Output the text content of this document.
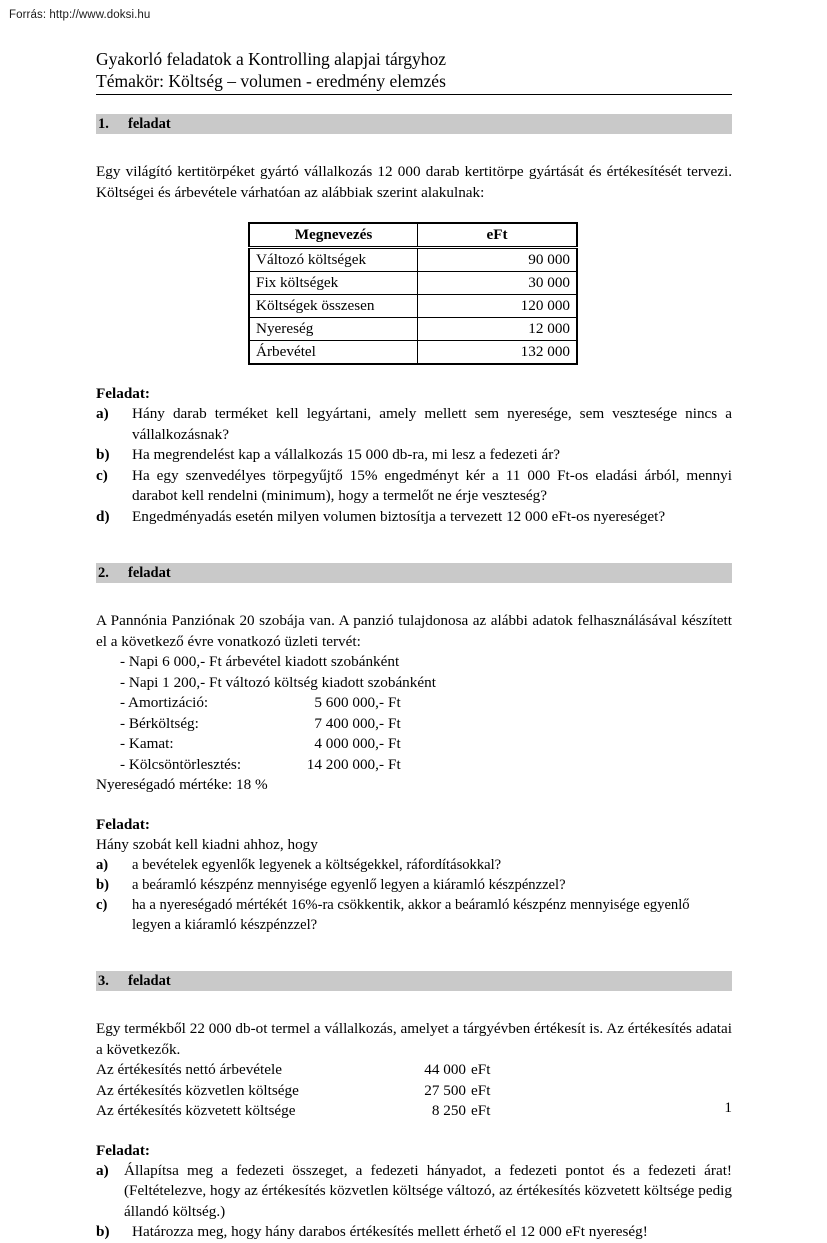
Forrás: http://www.doksi.hu
Gyakorló feladatok a Kontrolling alapjai tárgyhoz
Témakör: Költség – volumen - eredmény elemzés
1. feladat

Egy világító kertitörpéket gyártó vállalkozás 12 000 darab kertitörpe gyártását és értékesítését tervezi. Költségei és árbevétele várhatóan az alábbiak szerint alakulnak:

Megnevezés	eFt
Változó költségek	90 000
Fix költségek	30 000
Költségek összesen	120 000
Nyereség	12 000
Árbevétel	132 000
Feladat:
a) Hány darab terméket kell legyártani, amely mellett sem nyeresége, sem vesztesége nincs a vállalkozásnak?
b) Ha megrendelést kap a vállalkozás 15 000 db-ra, mi lesz a fedezeti ár?
c) Ha egy szenvedélyes törpegyűjtő 15% engedményt kér a 11 000 Ft-os eladási árból, mennyi darabot kell rendelni (minimum), hogy a termelőt ne érje veszteség?
d) Engedményadás esetén milyen volumen biztosítja a tervezett 12 000 eFt-os nyereséget?
2. feladat

A Pannónia Panziónak 20 szobája van. A panzió tulajdonosa az alábbi adatok felhasználásával készített el a következő évre vonatkozó üzleti tervét:

- Napi 6 000,- Ft árbevétel kiadott szobánként
- Napi 1 200,- Ft változó költség kiadott szobánként
- Amortizáció:	5 600 000,- Ft
- Bérköltség:	7 400 000,- Ft
- Kamat:	4 000 000,- Ft
- Kölcsöntörlesztés:	14 200 000,- Ft

Nyereségadó mértéke: 18 %

Feladat:

Hány szobát kell kiadni ahhoz, hogy

a) a bevételek egyenlők legyenek a költségekkel, ráfordításokkal?
b) a beáramló készpénz mennyisége egyenlő legyen a kiáramló készpénzzel?
c) ha a nyereségadó mértékét 16%-ra csökkentik, akkor a beáramló készpénz mennyisége egyenlő legyen a kiáramló készpénzzel?
3. feladat

Egy termékből 22 000 db-ot termel a vállalkozás, amelyet a tárgyévben értékesít is. Az értékesítés adatai a következők.

Az értékesítés nettó árbevétele	44 000 eFt
Az értékesítés közvetlen költsége	27 500 eFt
Az értékesítés közvetett költsége	8 250 eFt
Feladat:
a) Állapítsa meg a fedezeti összeget, a fedezeti hányadot, a fedezeti pontot és a fedezeti árat! (Feltételezve, hogy az értékesítés közvetlen költsége változó, az értékesítés közvetett költsége pedig állandó költség.)
b) Határozza meg, hogy hány darabos értékesítés mellett érhető el 12 000 eFt nyereség!
1
